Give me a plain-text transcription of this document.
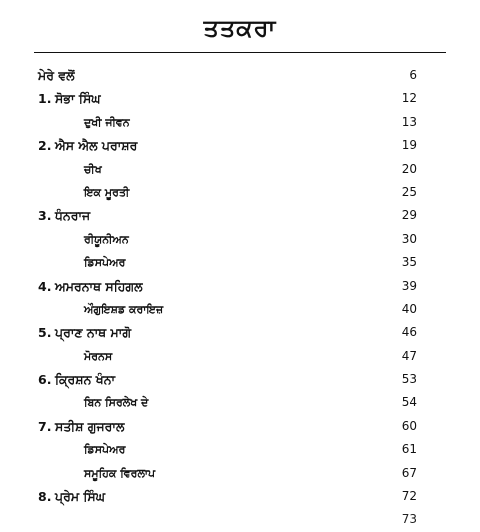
ਤਤਕਰਾ
ਮੇਰੇ ਵਲੋਂ	6
1. ਸੋਭਾ ਸਿੰਘ	12
ਦੁਖੀ ਜੀਵਨ	13
2. ਐਸ ਐਲ ਪਰਾਸ਼ਰ	19
ਚੀਖ	20
ਇਕ ਮੂਰਤੀ	25
3. ਧੰਨਰਾਜ	29
ਰੀਯੂਨੀਅਨ	30
ਡਿਸਪੇਅਰ	35
4. ਅਮਰਨਾਥ ਸਹਿਗਲ	39
ਔਗੁਇਸ਼ਡ ਕਰਾਇਜ਼	40
5. ਪ੍ਰਾਣ ਨਾਥ ਮਾਗੋ	46
ਮੋਰਨਸ	47
6. ਕ੍ਰਿਸ਼ਨ ਖੰਨਾ	53
ਬਿਨ ਸਿਰਲੇਖ ਦੇ	54
7. ਸਤੀਸ਼ ਗੁਜਰਾਲ	60
ਡਿਸਪੇਅਰ	61
ਸਮੂਹਿਕ ਵਿਰਲਾਪ	67
8. ਪ੍ਰੇਮ ਸਿੰਘ	72
73
